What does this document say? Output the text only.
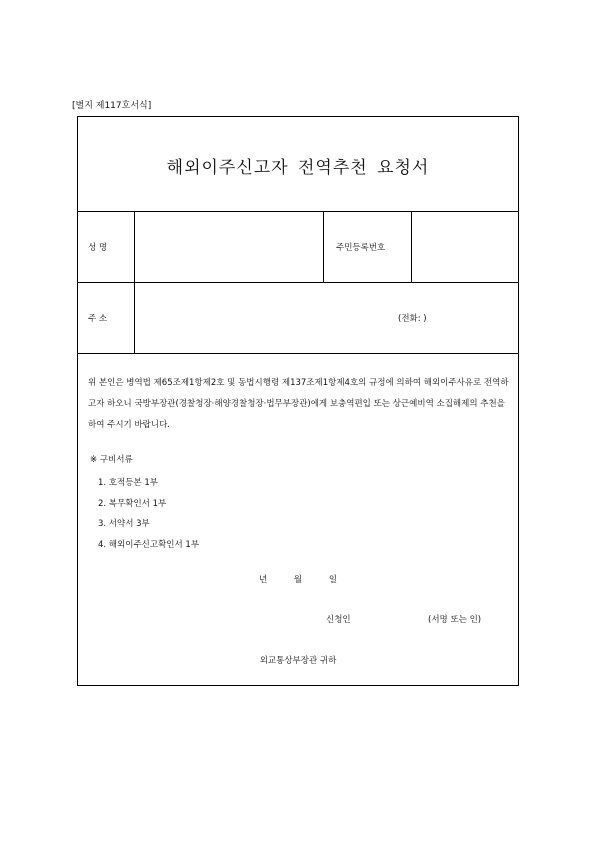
[별지 제117호서식]
해외이주신고자 전역추천 요청서
성 명	주민등록번호
주 소	(전화: )

위 본인은 병역법 제65조제1항제2호 및 동법시행령 제137조제1항제4호의 규정에 의하여 해외이주사유로 전역하고자 하오니 국방부장관(경찰청장·해양경찰청장·법무부장관)에게 보충역편입 또는 상근예비역 소집해제의 추천을 하여 주시기 바랍니다.

※ 구비서류
1. 호적등본 1부
2. 복무확인서 1부
3. 서약서 3부
4. 해외이주신고확인서 1부
년	월	일
신청인	(서명 또는 인)
외교통상부장관 귀하
